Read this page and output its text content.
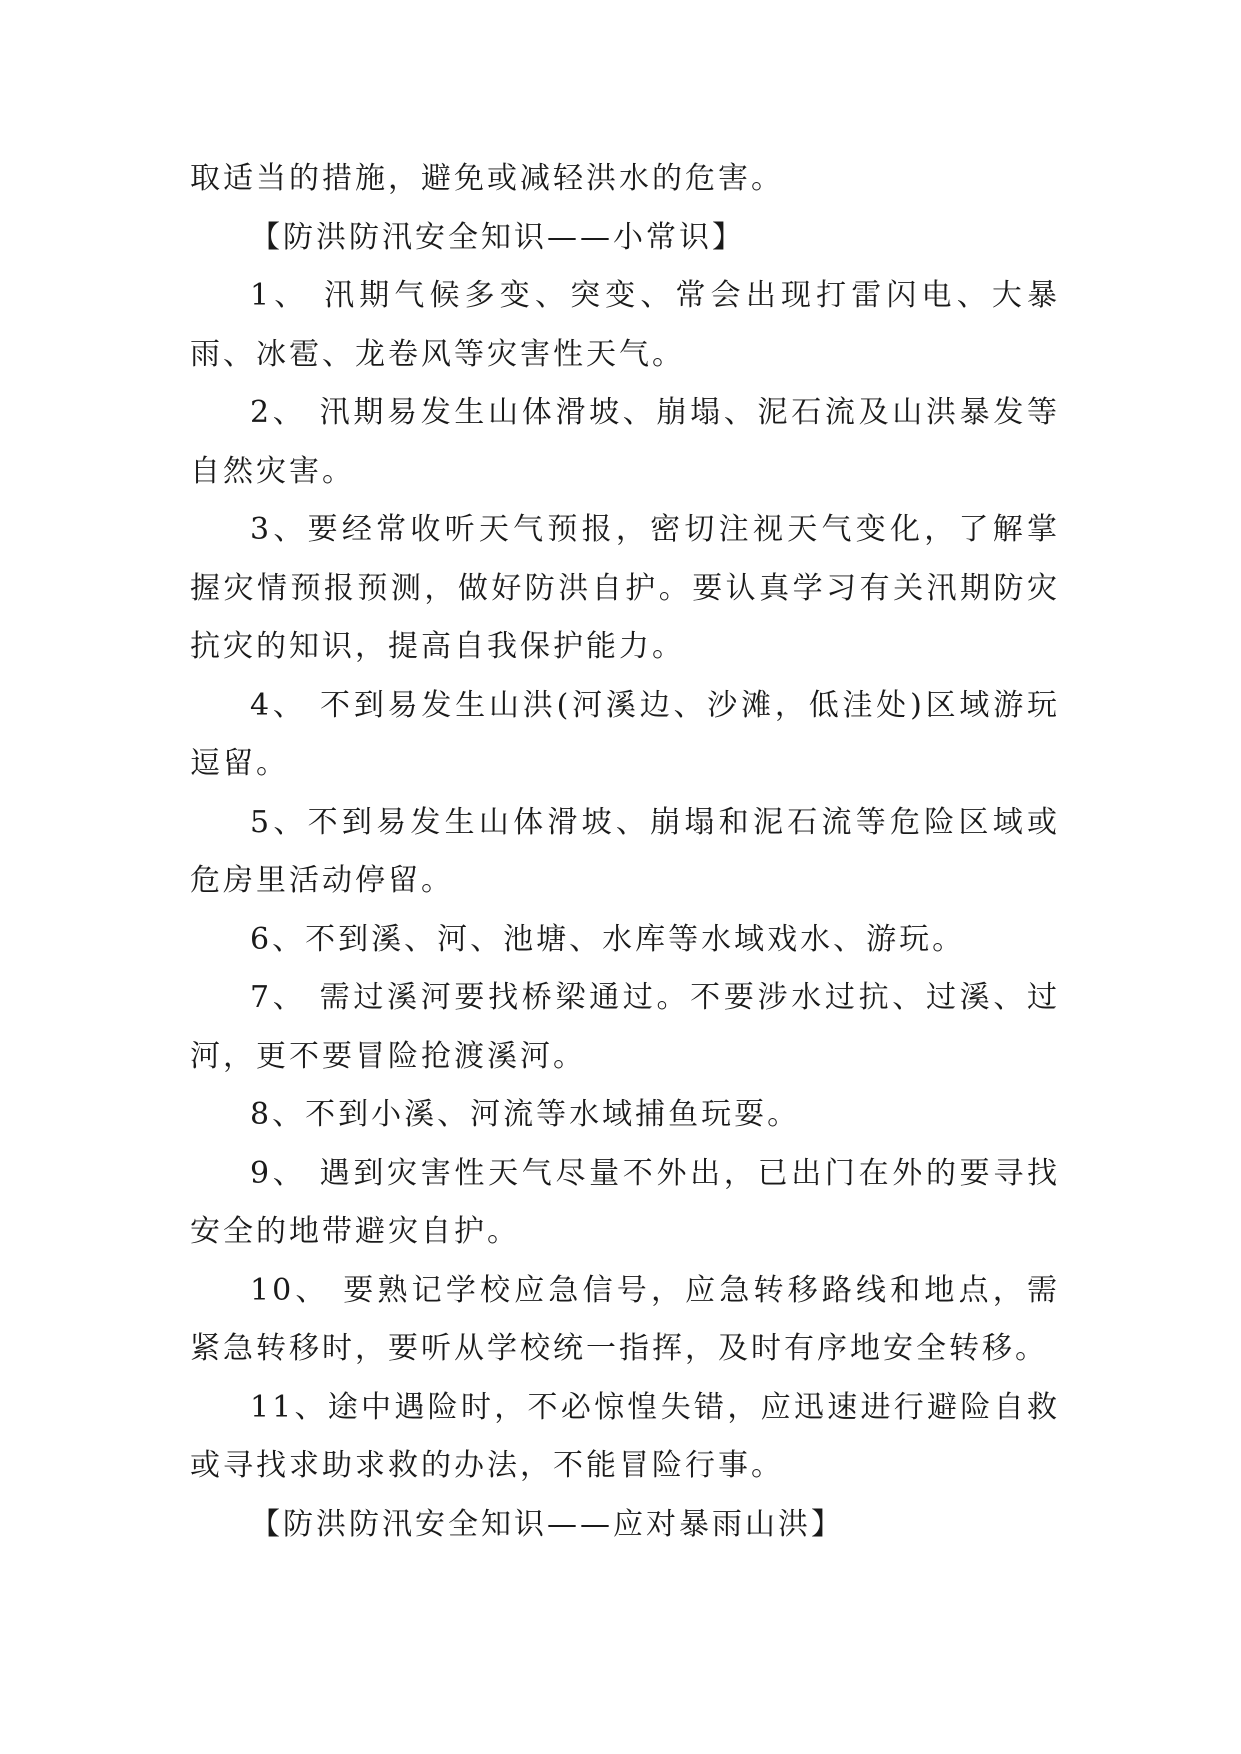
取适当的措施，避免或减轻洪水的危害。

【防洪防汛安全知识——小常识】

1、 汛期气候多变、突变、常会出现打雷闪电、大暴雨、冰雹、龙卷风等灾害性天气。

2、 汛期易发生山体滑坡、崩塌、泥石流及山洪暴发等自然灾害。

3、要经常收听天气预报，密切注视天气变化，了解掌握灾情预报预测，做好防洪自护。要认真学习有关汛期防灾抗灾的知识，提高自我保护能力。

4、 不到易发生山洪(河溪边、沙滩，低洼处)区域游玩逗留。

5、不到易发生山体滑坡、崩塌和泥石流等危险区域或危房里活动停留。

6、不到溪、河、池塘、水库等水域戏水、游玩。

7、 需过溪河要找桥梁通过。不要涉水过抗、过溪、过河，更不要冒险抢渡溪河。

8、不到小溪、河流等水域捕鱼玩耍。

9、 遇到灾害性天气尽量不外出，已出门在外的要寻找安全的地带避灾自护。

10、 要熟记学校应急信号，应急转移路线和地点，需紧急转移时，要听从学校统一指挥，及时有序地安全转移。

11、途中遇险时，不必惊惶失错，应迅速进行避险自救或寻找求助求救的办法，不能冒险行事。

【防洪防汛安全知识——应对暴雨山洪】
